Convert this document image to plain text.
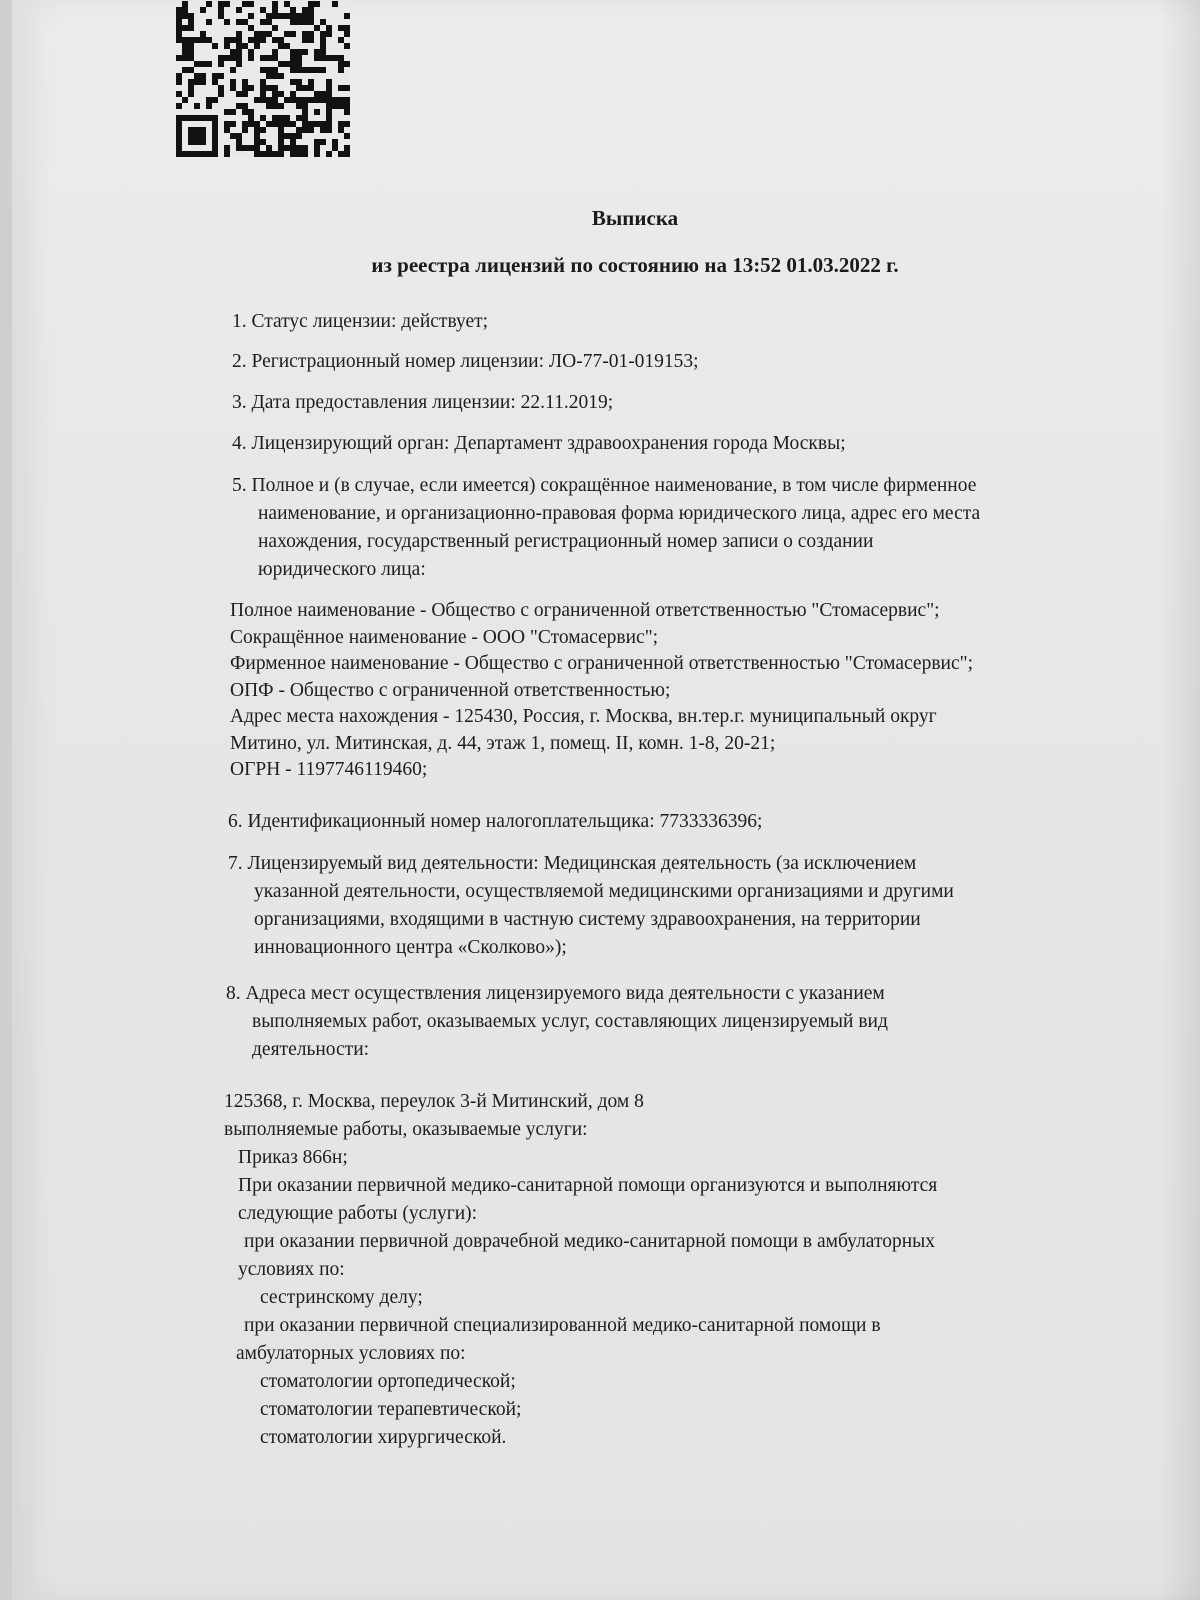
Выписка
из реестра лицензий по состоянию на 13:52 01.03.2022 г.
1. Статус лицензии: действует;
2. Регистрационный номер лицензии: ЛО-77-01-019153;
3. Дата предоставления лицензии: 22.11.2019;
4. Лицензирующий орган: Департамент здравоохранения города Москвы;
5. Полное и (в случае, если имеется) сокращённое наименование, в том числе фирменное
наименование, и организационно-правовая форма юридического лица, адрес его места
нахождения, государственный регистрационный номер записи о создании
юридического лица:
Полное наименование - Общество с ограниченной ответственностью "Стомасервис";
Сокращённое наименование - ООО "Стомасервис";
Фирменное наименование - Общество с ограниченной ответственностью "Стомасервис";
ОПФ - Общество с ограниченной ответственностью;
Адрес места нахождения - 125430, Россия, г. Москва, вн.тер.г. муниципальный округ
Митино, ул. Митинская, д. 44, этаж 1, помещ. II, комн. 1-8, 20-21;
ОГРН - 1197746119460;
6. Идентификационный номер налогоплательщика: 7733336396;
7. Лицензируемый вид деятельности: Медицинская деятельность (за исключением
указанной деятельности, осуществляемой медицинскими организациями и другими
организациями, входящими в частную систему здравоохранения, на территории
инновационного центра «Сколково»);
8. Адреса мест осуществления лицензируемого вида деятельности с указанием
выполняемых работ, оказываемых услуг, составляющих лицензируемый вид
деятельности:
125368, г. Москва, переулок 3-й Митинский, дом 8
выполняемые работы, оказываемые услуги:
Приказ 866н;
При оказании первичной медико-санитарной помощи организуются и выполняются
следующие работы (услуги):
при оказании первичной доврачебной медико-санитарной помощи в амбулаторных
условиях по:
сестринскому делу;
при оказании первичной специализированной медико-санитарной помощи в
амбулаторных условиях по:
стоматологии ортопедической;
стоматологии терапевтической;
стоматологии хирургической.
